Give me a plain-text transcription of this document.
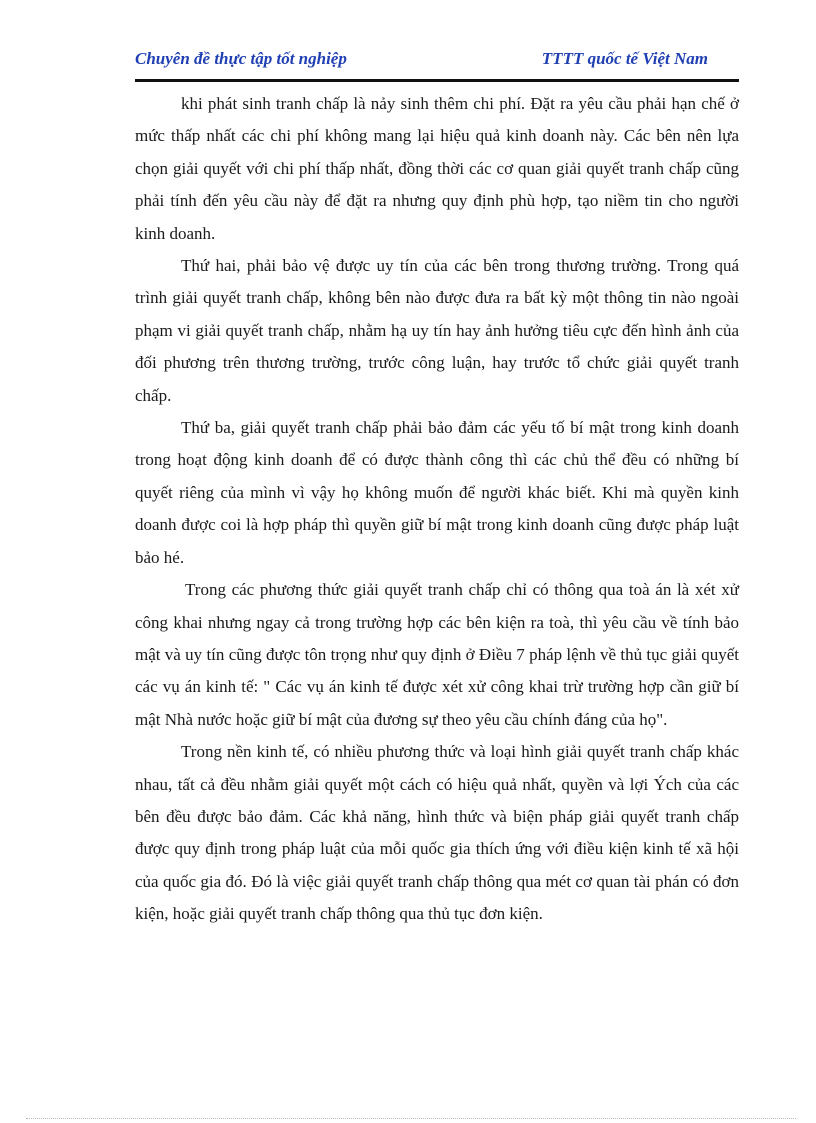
Chuyên đề thực tập tốt nghiệp	TTTT quốc tế Việt Nam

khi phát sinh tranh chấp là nảy sinh thêm chi phí. Đặt ra yêu cầu phải hạn chế ở mức thấp nhất các chi phí không mang lại hiệu quả kinh doanh này. Các bên nên lựa chọn giải quyết với chi phí thấp nhất, đồng thời các cơ quan giải quyết tranh chấp cũng phải tính đến yêu cầu này để đặt ra nhưng quy định phù hợp, tạo niềm tin cho người kinh doanh.

Thứ hai, phải bảo vệ được uy tín của các bên trong thương trường. Trong quá trình giải quyết tranh chấp, không bên nào được đưa ra bất kỳ một thông tin nào ngoài phạm vi giải quyết tranh chấp, nhằm hạ uy tín hay ảnh hưởng tiêu cực đến hình ảnh của đối phương trên thương trường, trước công luận, hay trước tổ chức giải quyết tranh chấp.

Thứ ba, giải quyết tranh chấp phải bảo đảm các yếu tố bí mật trong kinh doanh trong hoạt động kinh doanh để có được thành công thì các chủ thể đều có những bí quyết riêng của mình vì vậy họ không muốn để người khác biết. Khi mà quyền kinh doanh được coi là hợp pháp thì quyền giữ bí mật trong kinh doanh cũng được pháp luật bảo hé.

Trong các phương thức giải quyết tranh chấp chỉ có thông qua toà án là xét xử công khai nhưng ngay cả trong trường hợp các bên kiện ra toà, thì yêu cầu về tính bảo mật và uy tín cũng được tôn trọng như quy định ở Điều 7 pháp lệnh về thủ tục giải quyết các vụ án kinh tế: " Các vụ án kinh tế được xét xử công khai trừ trường hợp cần giữ bí mật Nhà nước hoặc giữ bí mật của đương sự theo yêu cầu chính đáng của họ".

Trong nền kinh tế, có nhiều phương thức và loại hình giải quyết tranh chấp khác nhau, tất cả đều nhằm giải quyết một cách có hiệu quả nhất, quyền và lợi Ých của các bên đều được bảo đảm. Các khả năng, hình thức và biện pháp giải quyết tranh chấp được quy định trong pháp luật của mỗi quốc gia thích ứng với điều kiện kinh tế xã hội của quốc gia đó. Đó là việc giải quyết tranh chấp thông qua mét cơ quan tài phán có đơn kiện, hoặc giải quyết tranh chấp thông qua thủ tục đơn kiện.
